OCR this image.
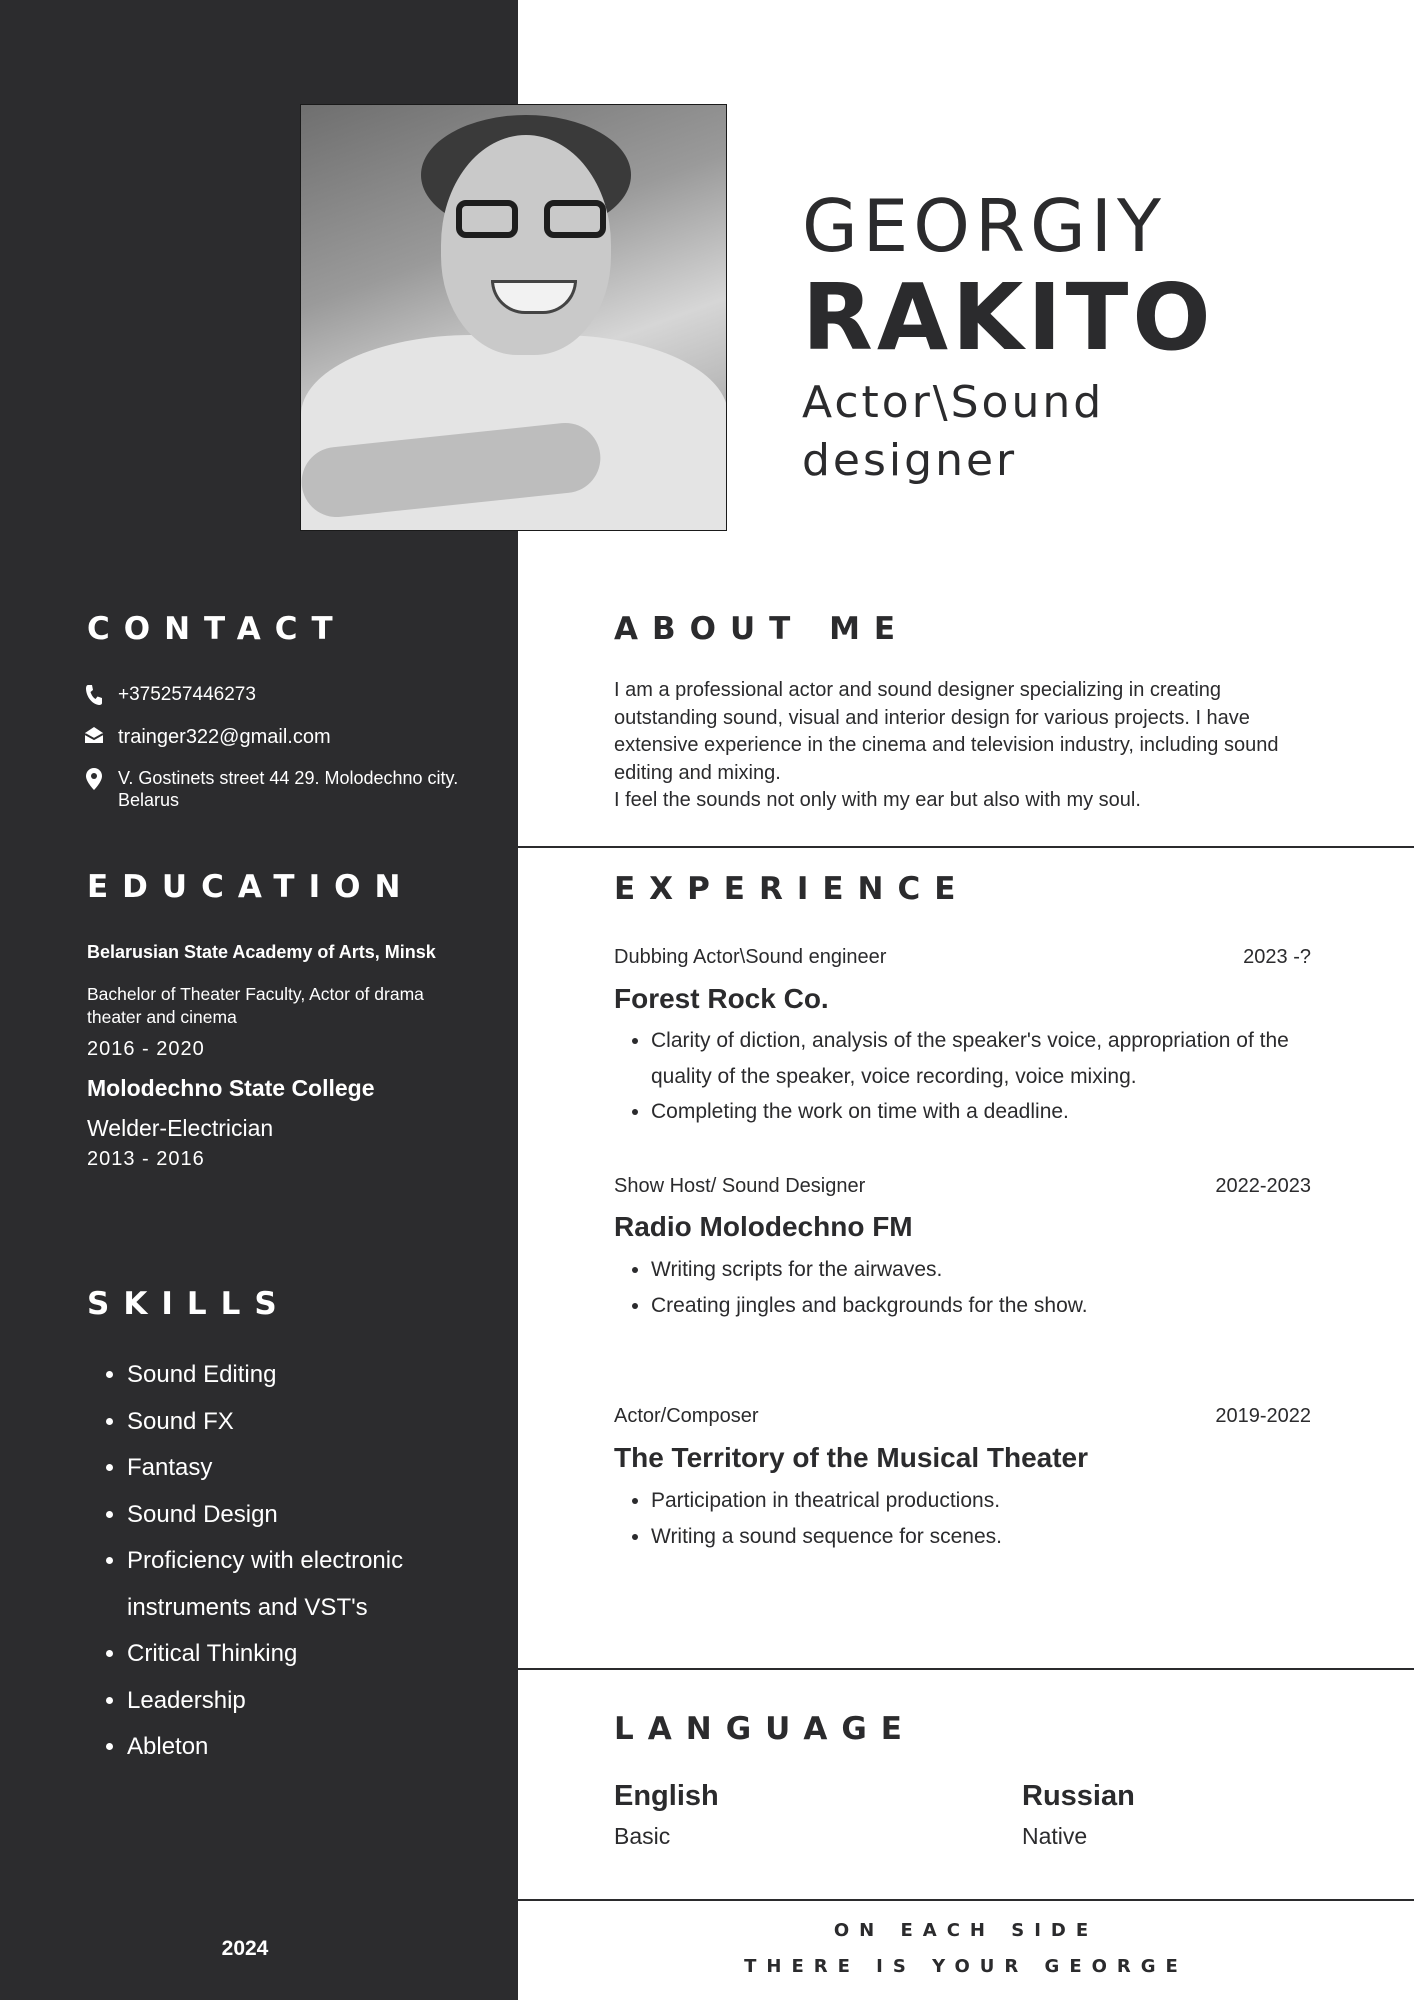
GEORGIY
RAKITO
Actor\Sound designer
CONTACT
+375257446273
trainger322@gmail.com
V. Gostinets street 44 29. Molodechno city. Belarus
EDUCATION
Belarusian State Academy of Arts, Minsk
Bachelor of Theater Faculty, Actor of drama theater and cinema
2016 - 2020
Molodechno State College
Welder-Electrician
2013 - 2016
SKILLS
• Sound Editing
• Sound FX
• Fantasy
• Sound Design
• Proficiency with electronic instruments and VST's
• Critical Thinking
• Leadership
• Ableton
2024
ABOUT ME
I am a professional actor and sound designer specializing in creating outstanding sound, visual and interior design for various projects. I have extensive experience in the cinema and television industry, including sound editing and mixing.
I feel the sounds not only with my ear but also with my soul.
EXPERIENCE
Dubbing Actor\Sound engineer	2023 -?
Forest Rock Co.
• Clarity of diction, analysis of the speaker's voice, appropriation of the quality of the speaker, voice recording, voice mixing.
• Completing the work on time with a deadline.
Show Host/ Sound Designer	2022-2023
Radio Molodechno FM
• Writing scripts for the airwaves.
• Creating jingles and backgrounds for the show.
Actor/Composer	2019-2022
The Territory of the Musical Theater
• Participation in theatrical productions.
• Writing a sound sequence for scenes.
LANGUAGE
English
Basic
Russian
Native
ON EACH SIDE
THERE IS YOUR GEORGE
